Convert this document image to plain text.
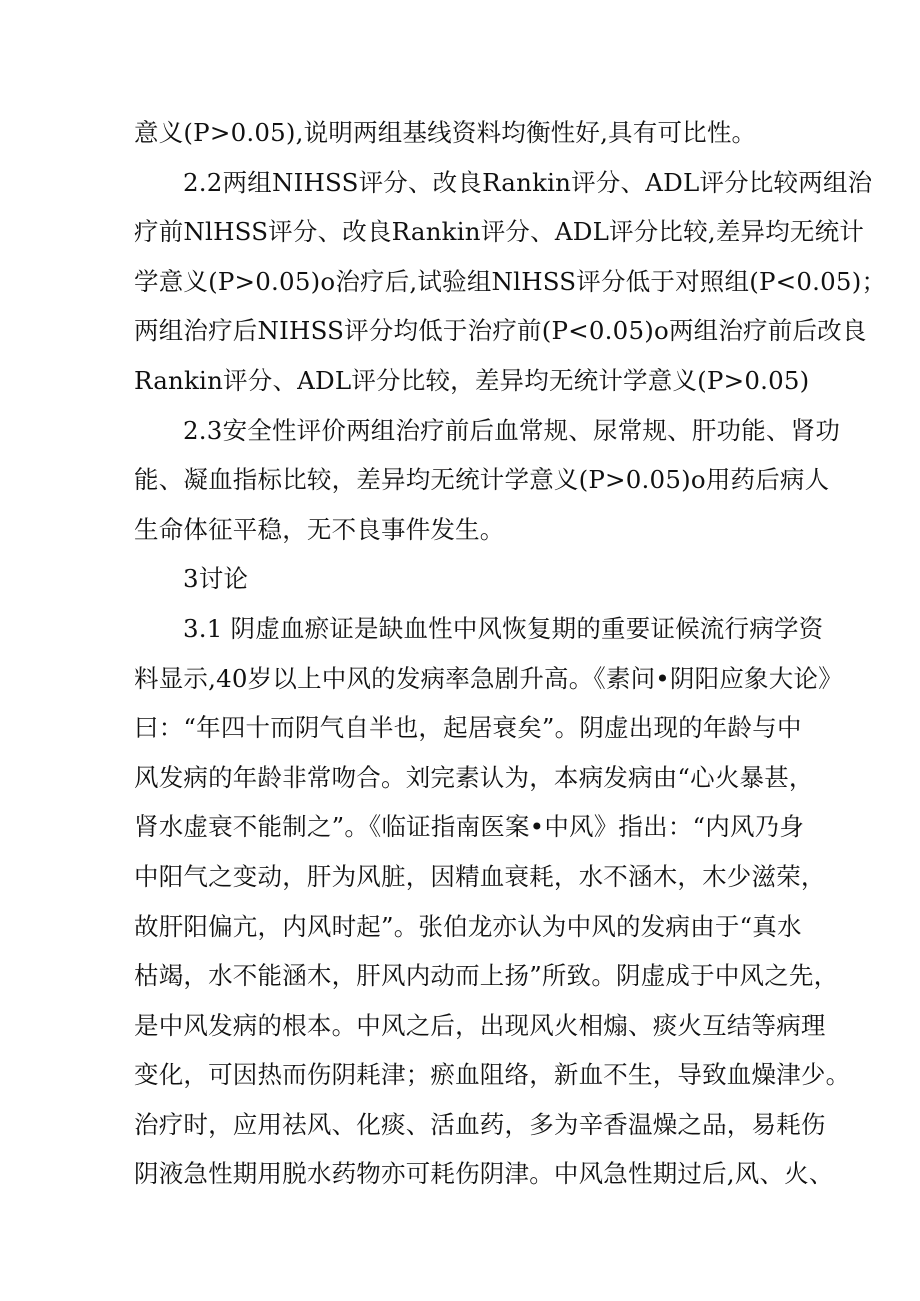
意义(P>0.05),说明两组基线资料均衡性好,具有可比性。
2.2两组NIHSS评分、改良Rankin评分、ADL评分比较两组治
疗前NlHSS评分、改良Rankin评分、ADL评分比较,差异均无统计
学意义(P>0.05)o治疗后,试验组NlHSS评分低于对照组(P<0.05)；
两组治疗后NIHSS评分均低于治疗前(P<0.05)o两组治疗前后改良
Rankin评分、ADL评分比较，差异均无统计学意义(P>0.05)
2.3安全性评价两组治疗前后血常规、尿常规、肝功能、肾功
能、凝血指标比较，差异均无统计学意义(P>0.05)o用药后病人
生命体征平稳，无不良事件发生。
3讨论
3.1 阴虚血瘀证是缺血性中风恢复期的重要证候流行病学资
料显示,40岁以上中风的发病率急剧升高。《素问•阴阳应象大论》
曰：“年四十而阴气自半也，起居衰矣”。阴虚出现的年龄与中
风发病的年龄非常吻合。刘完素认为，本病发病由“心火暴甚，
肾水虚衰不能制之”。《临证指南医案•中风》指出：“内风乃身
中阳气之变动，肝为风脏，因精血衰耗，水不涵木，木少滋荣，
故肝阳偏亢，内风时起”。张伯龙亦认为中风的发病由于“真水
枯竭，水不能涵木，肝风内动而上扬”所致。阴虚成于中风之先，
是中风发病的根本。中风之后，出现风火相煽、痰火互结等病理
变化，可因热而伤阴耗津；瘀血阻络，新血不生，导致血燥津少。
治疗时，应用祛风、化痰、活血药，多为辛香温燥之品，易耗伤
阴液急性期用脱水药物亦可耗伤阴津。中风急性期过后,风、火、
